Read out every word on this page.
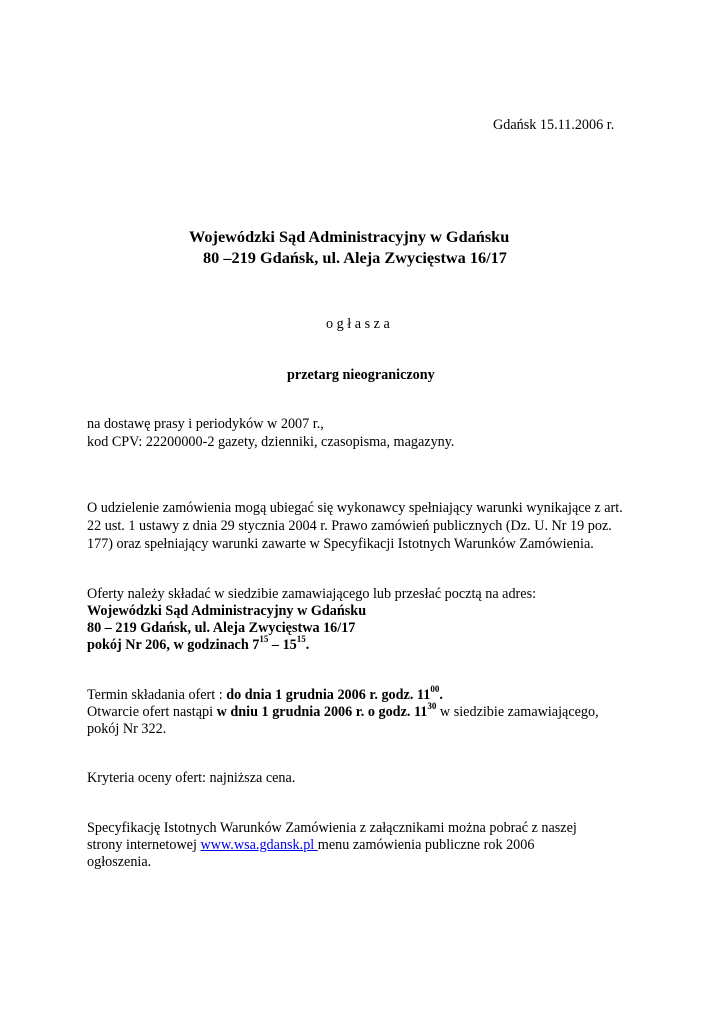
Gdańsk 15.11.2006 r.
Wojewódzki Sąd Administracyjny w Gdańsku
80 –219 Gdańsk, ul. Aleja Zwycięstwa 16/17
o g ł a s z a
przetarg nieograniczony
na dostawę prasy i periodyków w 2007 r.,
kod CPV: 22200000-2 gazety, dzienniki, czasopisma, magazyny.
O udzielenie zamówienia mogą ubiegać się wykonawcy spełniający warunki wynikające z art.
22 ust. 1 ustawy z dnia 29 stycznia 2004 r. Prawo zamówień publicznych (Dz. U. Nr 19 poz.
177) oraz spełniający warunki zawarte w Specyfikacji Istotnych Warunków Zamówienia.
Oferty należy składać w siedzibie zamawiającego lub przesłać pocztą na adres:
Wojewódzki Sąd Administracyjny w Gdańsku
80 – 219 Gdańsk, ul. Aleja Zwycięstwa 16/17
pokój Nr 206, w godzinach $7^{15} - 15^{15}$.
Termin składania ofert : do dnia 1 grudnia 2006 r. godz. $11^{00}$.
Otwarcie ofert nastąpi w dniu 1 grudnia 2006 r. o godz. $11^{30}$ w siedzibie zamawiającego,
pokój Nr 322.
Kryteria oceny ofert: najniższa cena.
Specyfikację Istotnych Warunków Zamówienia z załącznikami można pobrać z naszej
strony internetowej www.wsa.gdansk.pl menu zamówienia publiczne rok 2006
ogłoszenia.
